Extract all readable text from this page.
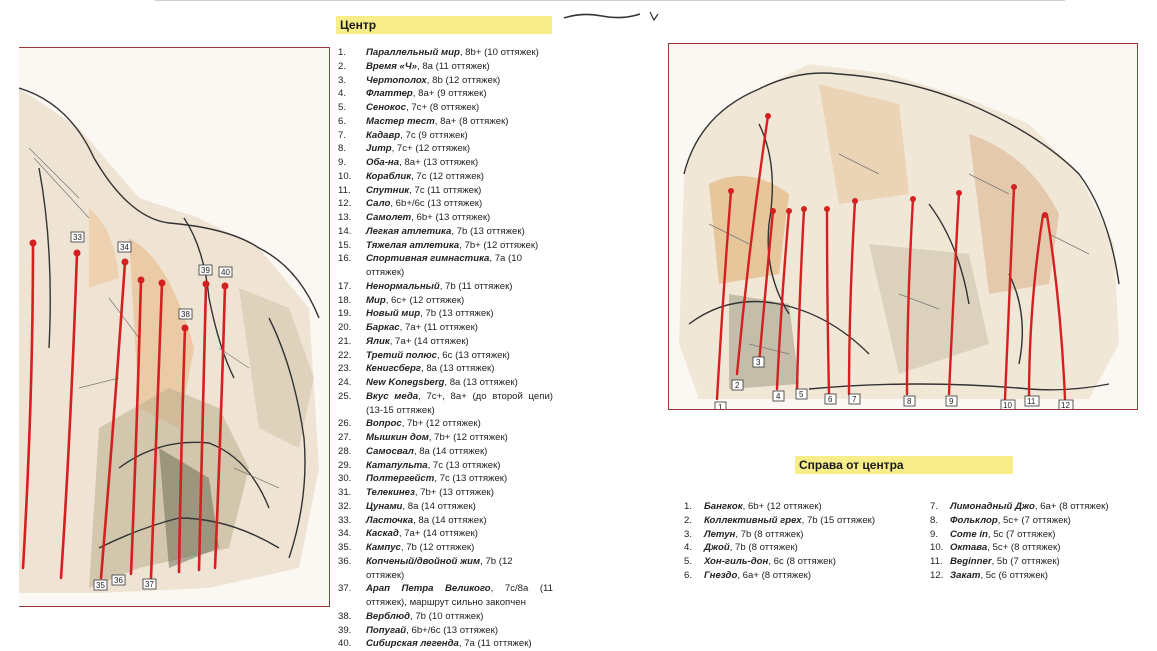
33
34
38
39 40
35
36	37
Центр
1. Параллельный мир, 8b+ (10 оттяжек)
2. Время «Ч», 8a (11 оттяжек)
3. Чертополох, 8b (12 оттяжек)
4. Флаттер, 8a+ (9 оттяжек)
5. Сенокос, 7c+ (8 оттяжек)
6. Мастер тест, 8a+ (8 оттяжек)
7. Кадавр, 7c (9 оттяжек)
8. Jump, 7c+ (12 оттяжек)
9. Оба-на, 8a+ (13 оттяжек)
10. Кораблик, 7c (12 оттяжек)
11. Спутник, 7c (11 оттяжек)
12. Сало, 6b+/6c (13 оттяжек)
13. Самолет, 6b+ (13 оттяжек)
14. Легкая атлетика, 7b (13 оттяжек)
15. Тяжелая атлетика, 7b+ (12 оттяжек)
16. Спортивная гимнастика, 7a (10 оттяжек)
17. Ненормальный, 7b (11 оттяжек)
18. Мир, 6c+ (12 оттяжек)
19. Новый мир, 7b (13 оттяжек)
20. Баркас, 7a+ (11 оттяжек)
21. Ялик, 7a+ (14 оттяжек)
22. Третий полюс, 6c (13 оттяжек)
23. Кенигсберг, 8a (13 оттяжек)
24. New Konegsberg, 8a (13 оттяжек)
25. Вкус меда, 7c+, 8a+ (до второй цепи) (13-15 оттяжек)
26. Вопрос, 7b+ (12 оттяжек)
27. Мышкин дом, 7b+ (12 оттяжек)
28. Самосвал, 8a (14 оттяжек)
29. Катапульта, 7c (13 оттяжек)
30. Полтергейст, 7c (13 оттяжек)
31. Телекинез, 7b+ (13 оттяжек)
32. Цунами, 8a (14 оттяжек)
33. Ласточка, 8a (14 оттяжек)
34. Каскад, 7a+ (14 оттяжек)
35. Кампус, 7b (12 оттяжек)
36. Копченый/двойной жим, 7b (12 оттяжек)
37. Арап Петра Великого, 7c/8a (11 оттяжек), маршрут сильно закопчен
38. Верблюд, 7b (10 оттяжек)
39. Попугай, 6b+/6c (13 оттяжек)
40. Сибирская легенда, 7a (11 оттяжек)
1
2
3
4 5
6 7	8	9	10 11	12
Справа от центра
1. Бангкок, 6b+ (12 оттяжек)
2. Коллективный грех, 7b (15 оттяжек)
3. Летун, 7b (8 оттяжек)
4. Джой, 7b (8 оттяжек)
5. Хон-гиль-дон, 6c (8 оттяжек)
6. Гнездо, 6a+ (8 оттяжек)
7. Лимонадный Джо, 6a+ (8 оттяжек)
8. Фольклор, 5c+ (7 оттяжек)
9. Come in, 5c (7 оттяжек)
10. Октава, 5c+ (8 оттяжек)
11. Beginner, 5b (7 оттяжек)
12. Закат, 5c (6 оттяжек)
